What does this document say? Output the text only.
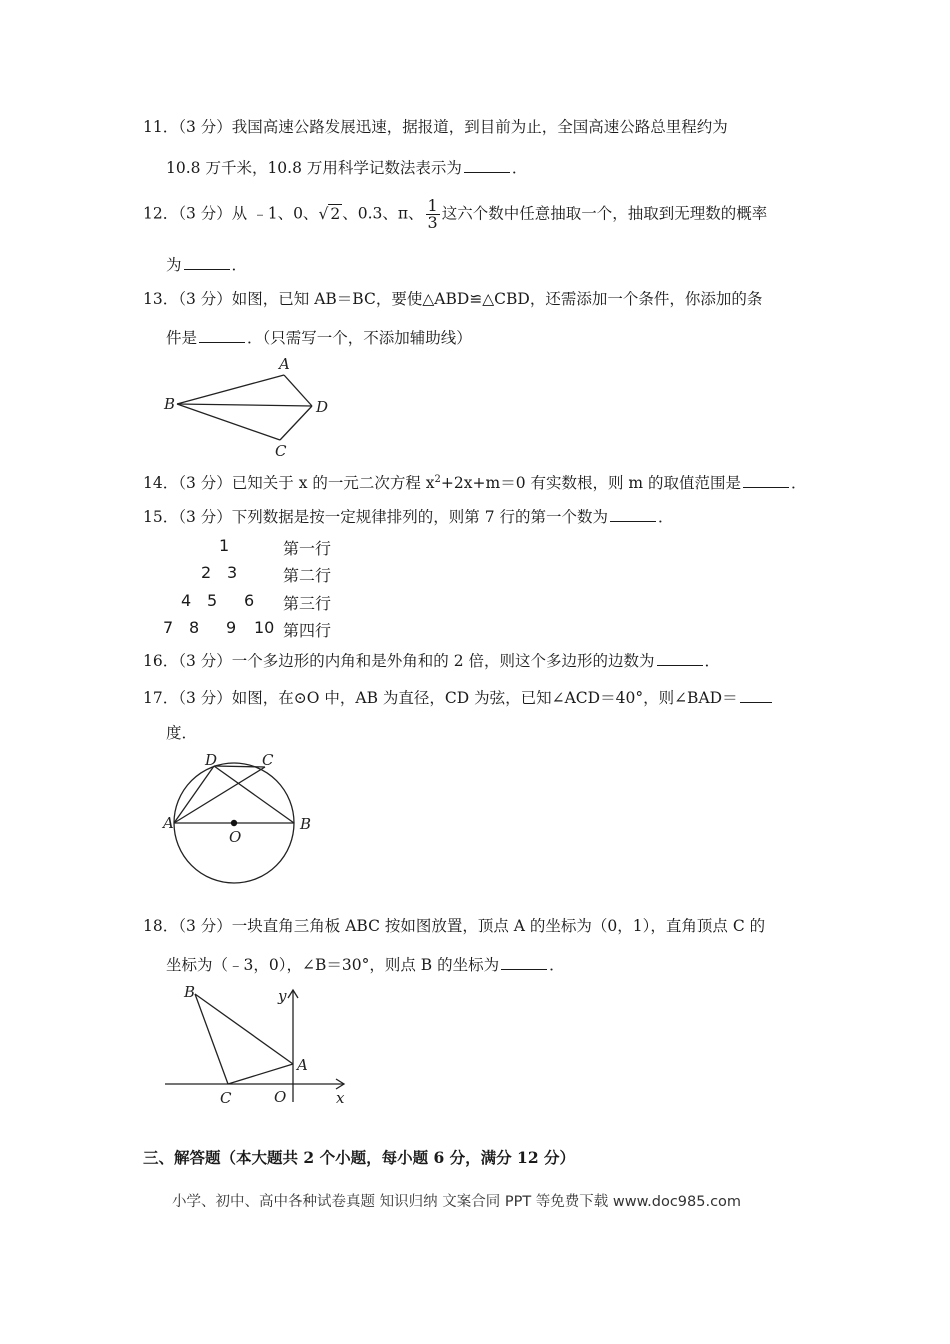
11．（3 分）我国高速公路发展迅速，据报道，到目前为止，全国高速公路总里程约为
10.8 万千米，10.8 万用科学记数法表示为	．
12．（3 分）从 ﹣1、0、√ 2 、0.3、π、 $\frac{1}{3}$ 这六个数中任意抽取一个，抽取到无理数的概率
为	．
13．（3 分）如图，已知 AB＝BC，要使△ABD≌△CBD，还需添加一个条件，你添加的条
件是	．（只需写一个，不添加辅助线）
A
B	D
C
14．（3 分）已知关于 x 的一元二次方程 $x^2+2x+m=0$ 有实数根，则 m 的取值范围是	．
15．（3 分）下列数据是按一定规律排列的，则第 7 行的第一个数为	．
1	第一行
2 3	第二行
4 5 6 第三行
7 8 9 10 第四行
16．（3 分）一个多边形的内角和是外角和的 2 倍，则这个多边形的边数为	．
17．（3 分）如图，在⊙O 中，AB 为直径，CD 为弦，已知∠ACD＝40°，则∠BAD＝
度．
D	C
A	B
O
18．（3 分）一块直角三角板 ABC 按如图放置，顶点 A 的坐标为（0，1），直角顶点 C 的
坐标为（﹣3，0），∠B＝30°，则点 B 的坐标为	．
B	y
A
C	O	x
三、解答题（本大题共 2 个小题，每小题 6 分，满分 12 分）
小学、初中、高中各种试卷真题 知识归纳 文案合同 PPT 等免费下载 www.doc985.com
